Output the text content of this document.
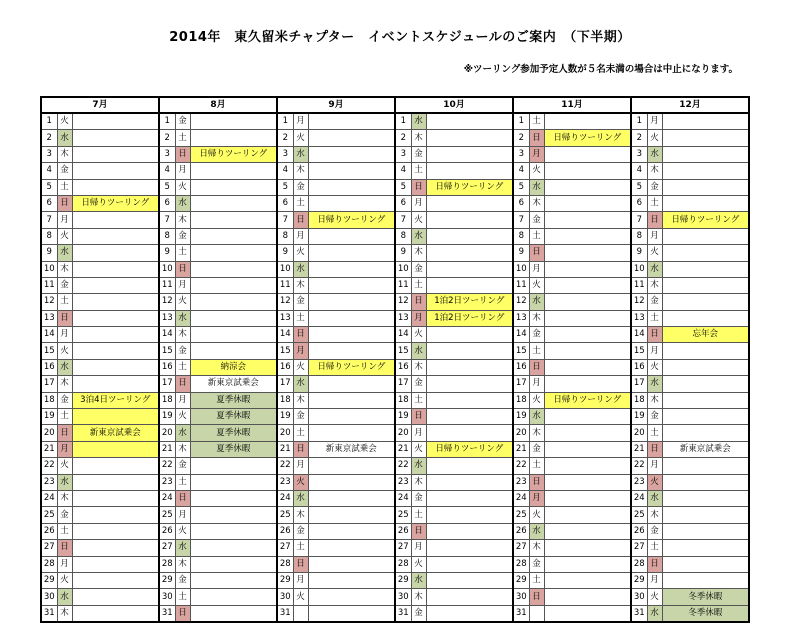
2014年　東久留米チャプター　イベントスケジュールのご案内　（下半期）
※ツーリング参加予定人数が５名未満の場合は中止になります。
7月			8月			9月			10月			11月			12月		
1	火		1	金		1	月		1	水		1	土		1	月	
2	水		2	土		2	火		2	木		2	日	日帰りツーリング	2	火	
3	木		3	日	日帰りツーリング	3	水		3	金		3	月		3	水	
4	金		4	月		4	木		4	土		4	火		4	木	
5	土		5	火		5	金		5	日	日帰りツーリング	5	水		5	金	
6	日	日帰りツーリング	6	水		6	土		6	月		6	木		6	土	
7	月		7	木		7	日	日帰りツーリング	7	火		7	金		7	日	日帰りツーリング
8	火		8	金		8	月		8	水		8	土		8	月	
9	水		9	土		9	火		9	木		9	日		9	火	
10	木		10	日		10	水		10	金		10	月		10	水	
11	金		11	月		11	木		11	土		11	火		11	木	
12	土		12	火		12	金		12	日	1泊2日ツーリング	12	水		12	金	
13	日		13	水		13	土		13	月	1泊2日ツーリング	13	木		13	土	
14	月		14	木		14	日		14	火		14	金		14	日	忘年会
15	火		15	金		15	月		15	水		15	土		15	月	
16	水		16	土	納涼会	16	火	日帰りツーリング	16	木		16	日		16	火	
17	木		17	日	新東京試乗会	17	水		17	金		17	月		17	水	
18	金	3泊4日ツーリング	18	月	夏季休暇	18	木		18	土		18	火	日帰りツーリング	18	木	
19	土		19	火	夏季休暇	19	金		19	日		19	水		19	金	
20	日	新東京試乗会	20	水	夏季休暇	20	土		20	月		20	木		20	土	
21	月		21	木	夏季休暇	21	日	新東京試乗会	21	火	日帰りツーリング	21	金		21	日	新東京試乗会
22	火		22	金		22	月		22	水		22	土		22	月	
23	水		23	土		23	火		23	木		23	日		23	火	
24	木		24	日		24	水		24	金		24	月		24	水	
25	金		25	月		25	木		25	土		25	火		25	木	
26	土		26	火		26	金		26	日		26	水		26	金	
27	日		27	水		27	土		27	月		27	木		27	土	
28	月		28	木		28	日		28	火		28	金		28	日	
29	火		29	金		29	月		29	水		29	土		29	月	
30	水		30	土		30	火		30	木		30	日		30	火	冬季休暇
31	木		31	日		31			31	金		31			31	水	冬季休暇
